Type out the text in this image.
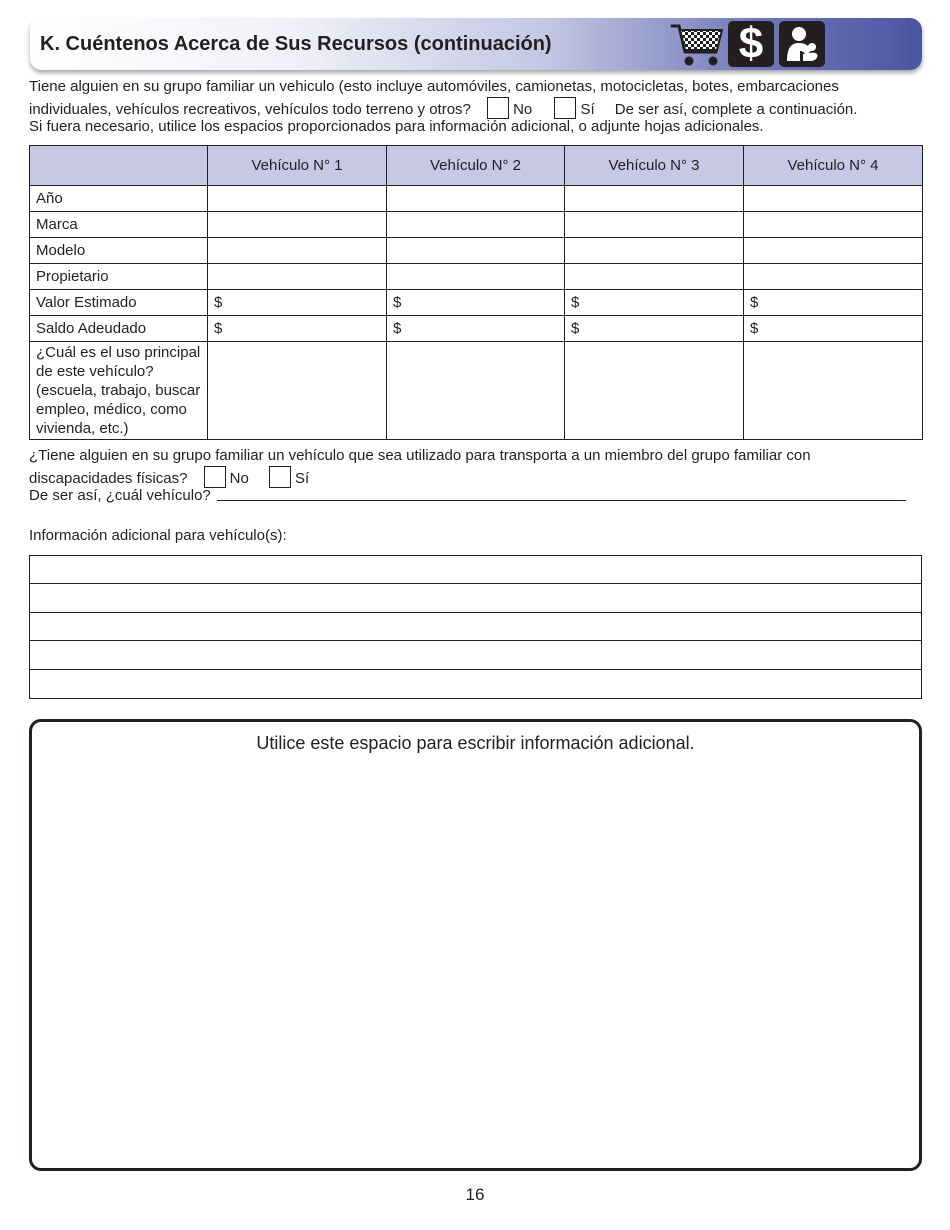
K. Cuéntenos Acerca de Sus Recursos (continuación)	$
Tiene alguien en su grupo familiar un vehiculo (esto incluye automóviles, camionetas, motocicletas, botes, embarcaciones
individuales, vehículos recreativos, vehículos todo terreno y otros?	No	Sí De ser así, complete a continuación.
Si fuera necesario, utilice los espacios proporcionados para información adicional, o adjunte hojas adicionales.
	Vehículo N° 1	Vehículo N° 2	Vehículo N° 3	Vehículo N° 4
Año				
Marca				
Modelo				
Propietario				
Valor Estimado	$	$	$	$
Saldo Adeudado	$	$	$	$
¿Cuál es el uso principal de este vehículo? (escuela, trabajo, buscar empleo, médico, como vivienda, etc.)				
¿Tiene alguien en su grupo familiar un vehículo que sea utilizado para transporta a un miembro del grupo familiar con
discapacidades físicas?	No	Sí
De ser así, ¿cuál vehículo?
Información adicional para vehículo(s):
Utilice este espacio para escribir información adicional.
16
